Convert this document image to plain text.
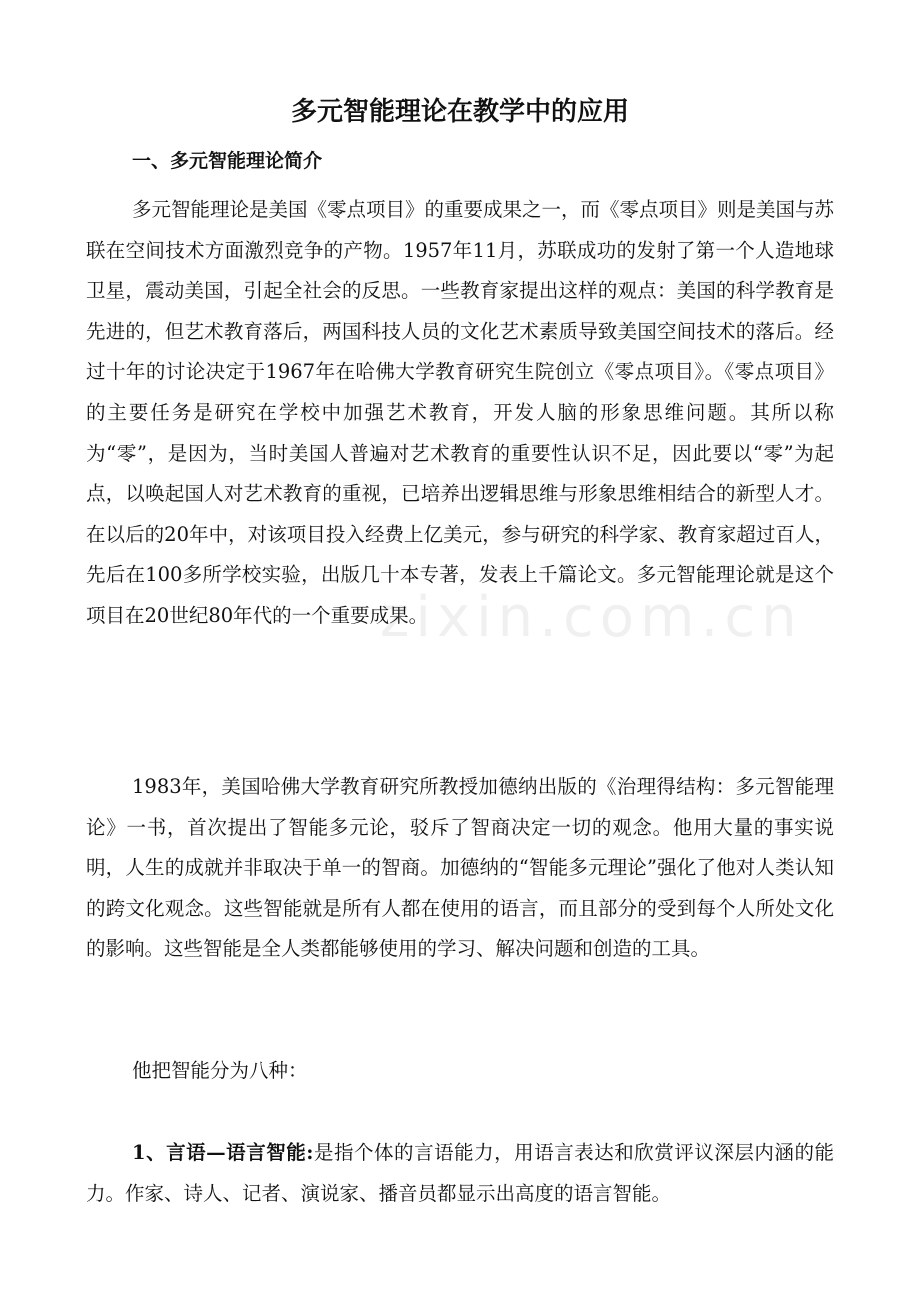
多元智能理论在教学中的应用
一、多元智能理论简介

多元智能理论是美国《零点项目》的重要成果之一，而《零点项目》则是美国与苏联在空间技术方面激烈竞争的产物。1957年11月，苏联成功的发射了第一个人造地球卫星，震动美国，引起全社会的反思。一些教育家提出这样的观点：美国的科学教育是先进的，但艺术教育落后，两国科技人员的文化艺术素质导致美国空间技术的落后。经过十年的讨论决定于1967年在哈佛大学教育研究生院创立《零点项目》。《零点项目》的主要任务是研究在学校中加强艺术教育，开发人脑的形象思维问题。其所以称为“零”，是因为，当时美国人普遍对艺术教育的重要性认识不足，因此要以“零”为起点，以唤起国人对艺术教育的重视，已培养出逻辑思维与形象思维相结合的新型人才。在以后的20年中，对该项目投入经费上亿美元，参与研究的科学家、教育家超过百人，先后在100多所学校实验，出版几十本专著，发表上千篇论文。多元智能理论就是这个项目在20世纪80年代的一个重要成果。

1983年，美国哈佛大学教育研究所教授加德纳出版的《治理得结构：多元智能理论》一书，首次提出了智能多元论，驳斥了智商决定一切的观念。他用大量的事实说明，人生的成就并非取决于单一的智商。加德纳的“智能多元理论”强化了他对人类认知的跨文化观念。这些智能就是所有人都在使用的语言，而且部分的受到每个人所处文化的影响。这些智能是全人类都能够使用的学习、解决问题和创造的工具。

他把智能分为八种：

1、言语—语言智能:是指个体的言语能力，用语言表达和欣赏评议深层内涵的能力。作家、诗人、记者、演说家、播音员都显示出高度的语言智能。

zixin.com.cn
